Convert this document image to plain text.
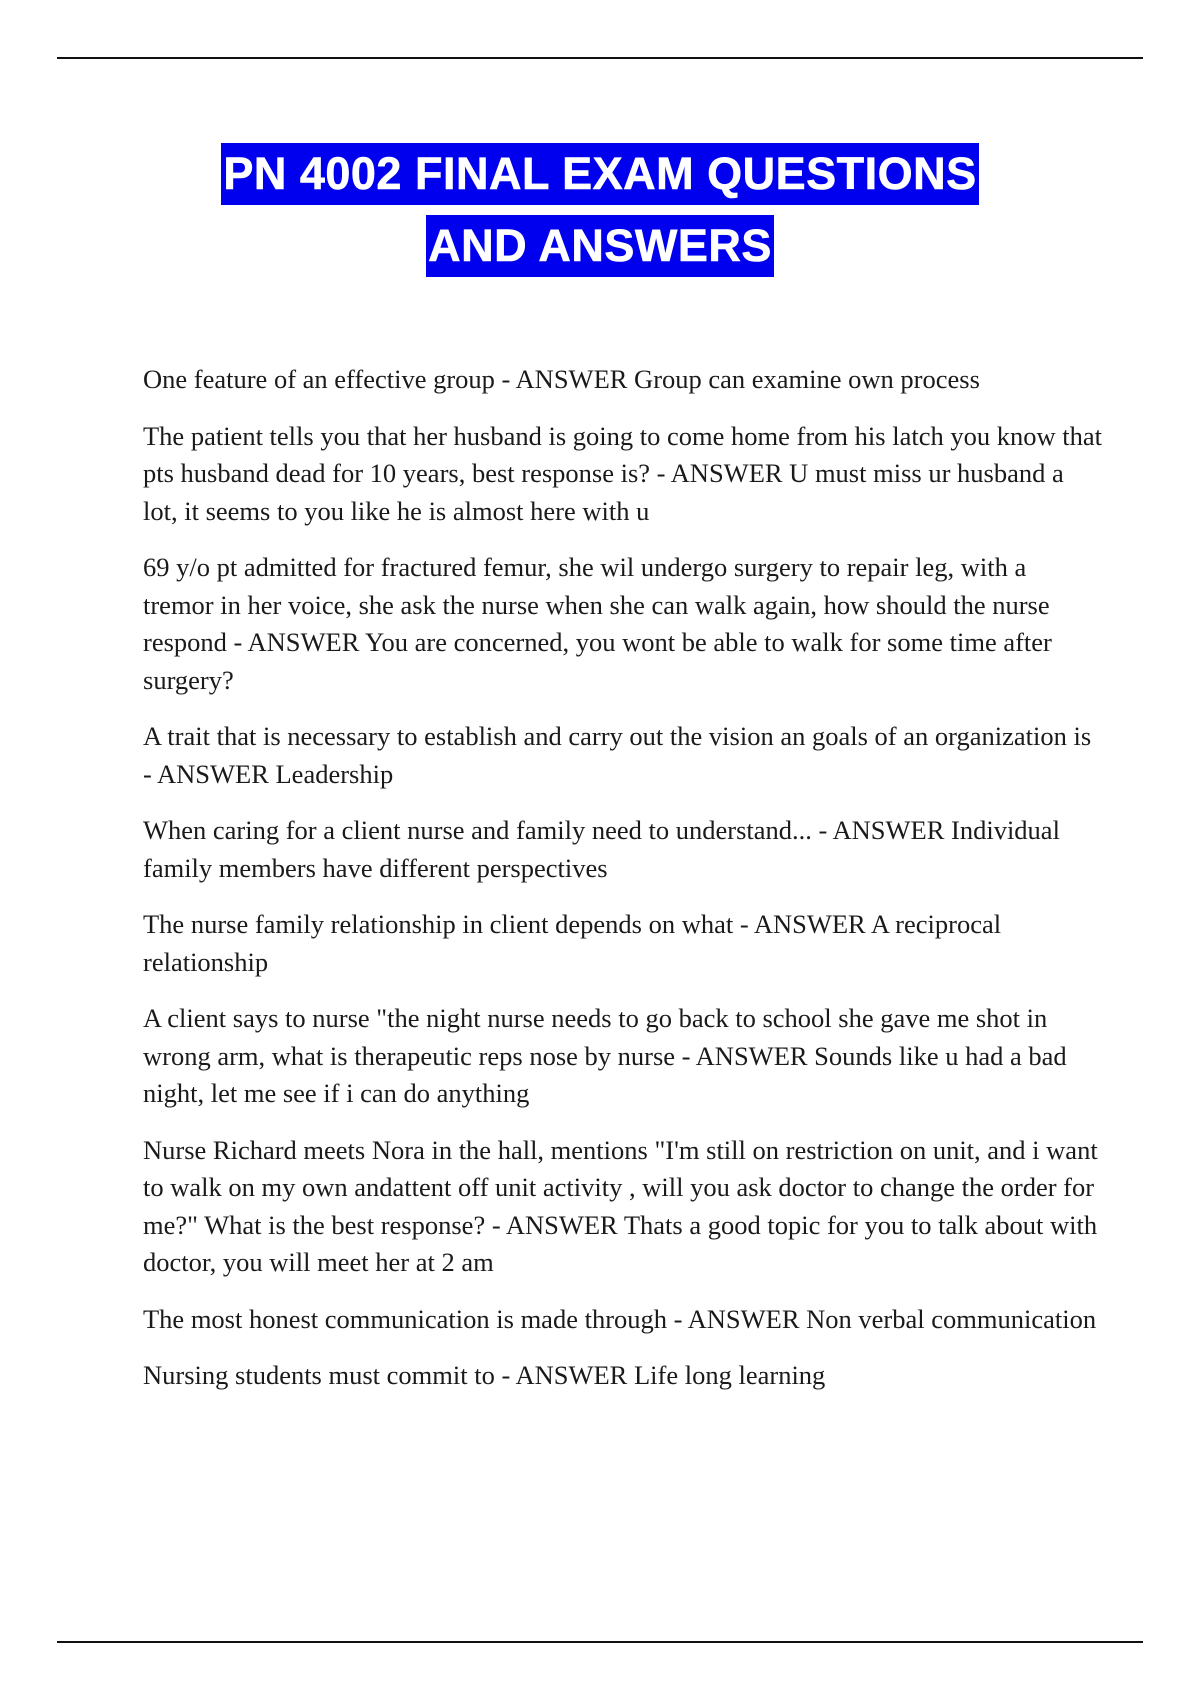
PN 4002 FINAL EXAM QUESTIONS
AND ANSWERS

One feature of an effective group - ANSWER Group can examine own process

The patient tells you that her husband is going to come home from his latch you know that pts husband dead for 10 years, best response is? - ANSWER U must miss ur husband a lot, it seems to you like he is almost here with u

69 y/o pt admitted for fractured femur, she wil undergo surgery to repair leg, with a tremor in her voice, she ask the nurse when she can walk again, how should the nurse respond - ANSWER You are concerned, you wont be able to walk for some time after surgery?

A trait that is necessary to establish and carry out the vision an goals of an organization is - ANSWER Leadership

When caring for a client nurse and family need to understand... - ANSWER Individual family members have different perspectives

The nurse family relationship in client depends on what - ANSWER A reciprocal relationship

A client says to nurse "the night nurse needs to go back to school she gave me shot in wrong arm, what is therapeutic reps nose by nurse - ANSWER Sounds like u had a bad night, let me see if i can do anything

Nurse Richard meets Nora in the hall, mentions "I'm still on restriction on unit, and i want to walk on my own andattent off unit activity , will you ask doctor to change the order for me?" What is the best response? - ANSWER Thats a good topic for you to talk about with doctor, you will meet her at 2 am

The most honest communication is made through - ANSWER Non verbal communication

Nursing students must commit to - ANSWER Life long learning
